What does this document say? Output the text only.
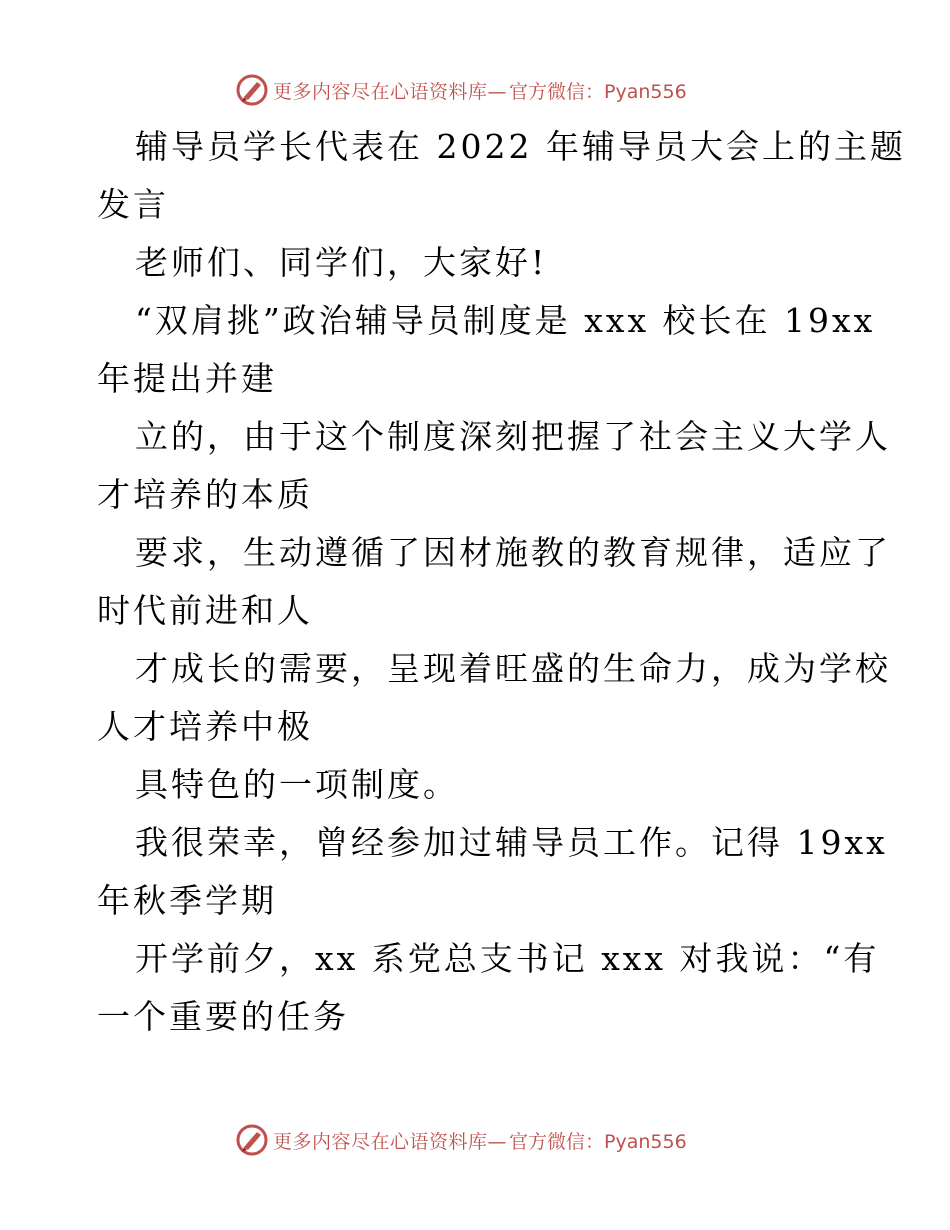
更多内容尽在心语资料库— 官方微信：Pyan556
辅导员学长代表在 2022 年辅导员大会上的主题
发言
老师们、同学们，大家好!
“双肩挑”政治辅导员制度是 xxx 校长在 19xx
年提出并建
立的，由于这个制度深刻把握了社会主义大学人
才培养的本质
要求，生动遵循了因材施教的教育规律，适应了
时代前进和人
才成长的需要，呈现着旺盛的生命力，成为学校
人才培养中极
具特色的一项制度。
我很荣幸，曾经参加过辅导员工作。记得 19xx
年秋季学期
开学前夕，xx 系党总支书记 xxx 对我说：“有
一个重要的任务
更多内容尽在心语资料库— 官方微信：Pyan556
